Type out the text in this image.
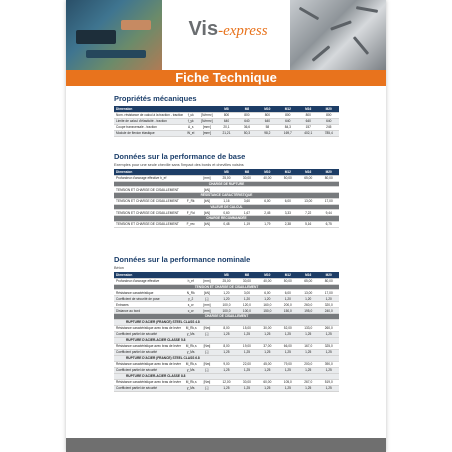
Vis-express
Fiche Technique
Propriétés mécaniques
Dimension			M8	M8	M10	M12	M16	M20
Nom. résistance de calcul à la traction - traction	f_uk	[N/mm²]	800	800	800	800	800	800
Limite de calcul d'élasticité - traction	f_yk	[N/mm²]	640	640	640	640	640	640
Coupe transversale - traction	A_s	[mm²]	20,1	36,6	58	84,3	157	245
Module de flexion élastique	W_el	[mm³]	21,21	50,3	98,2	169,7	402,1	785,4
Données sur la performance de base
Exemples pour une seule cheville sans l'impact des bords et chevilles voisins
Dimension			M8	M8	M10	M12	M16	M20
Profondeur d'ancrage effective h_ef		[mm]	25,00	30,00	40,00	50,00	65,00	80,00
CHARGE DE RUPTURE								
TENSION ET CHARGE DE CISAILLEMENT		[kN]						
RÉSISTANCE CARACTÉRISTIQUE								
TENSION ET CHARGE DE CISAILLEMENT	F_Rk	[kN]	1,16	3,60	6,00	6,00	13,00	17,00
VALEUR DE CALCUL								
TENSION ET CHARGE DE CISAILLEMENT	F_Rd	[kN]	0,60	1,67	2,45	3,33	7,22	9,44
CHARGE RECOMMANDÉE								
TENSION ET CHARGE DE CISAILLEMENT	F_rec	[kN]	0,48	1,19	1,79	2,38	5,16	6,75
Données sur la performance nominale
Béton
Dimension			M8	M8	M10	M12	M16	M20
Profondeur d'ancrage effective	h_ef	[mm]	25,00	30,00	40,00	50,00	65,00	80,00
TENSION ET CHARGE DE CISAILLEMENT								
Résistance caractéristique	N_Rk	[kN]	1,20	3,00	6,00	6,00	13,00	17,00
Coefficient de sécurité de pose	γ_2	[-]	1,20	1,20	1,20	1,20	1,20	1,20
Entraxes	s_cr	[mm]	100,0	120,0	160,0	200,0	260,0	320,0
Distance au bord	c_cr	[mm]	100,0	100,0	150,0	150,0	195,0	240,0
CHARGE DE CISAILLEMENT								
RUPTURE D'ACIER (FRANCE) STEEL CLASS 4.8								
Résistance caractéristique avec bras de levier	M_Rk,s	[Nm]	8,00	15,00	30,00	52,00	133,0	260,0
Coefficient partiel de sécurité	γ_Ms	[-]	1,25	1,25	1,25	1,25	1,25	1,25
RUPTURE D'ACIER-ACIER CLASSE 5.8								
Résistance caractéristique avec bras de levier	M_Rk,s	[Nm]	8,00	19,00	37,00	66,00	167,0	325,0
Coefficient partiel de sécurité	γ_Ms	[-]	1,25	1,25	1,25	1,25	1,25	1,25
RUPTURE D'ACIER (FRANCE) STEEL CLASS 6.8								
Résistance caractéristique avec bras de levier	M_Rk,s	[Nm]	9,00	22,00	45,00	79,00	200,0	390,0
Coefficient partiel de sécurité	γ_Ms	[-]	1,25	1,25	1,25	1,25	1,25	1,25
RUPTURE D'ACIER-ACIER CLASSE 8.8								
Résistance caractéristique avec bras de levier	M_Rk,s	[Nm]	12,00	30,00	60,00	105,0	267,0	519,0
Coefficient partiel de sécurité	γ_Ms	[-]	1,25	1,25	1,25	1,25	1,25	1,25
